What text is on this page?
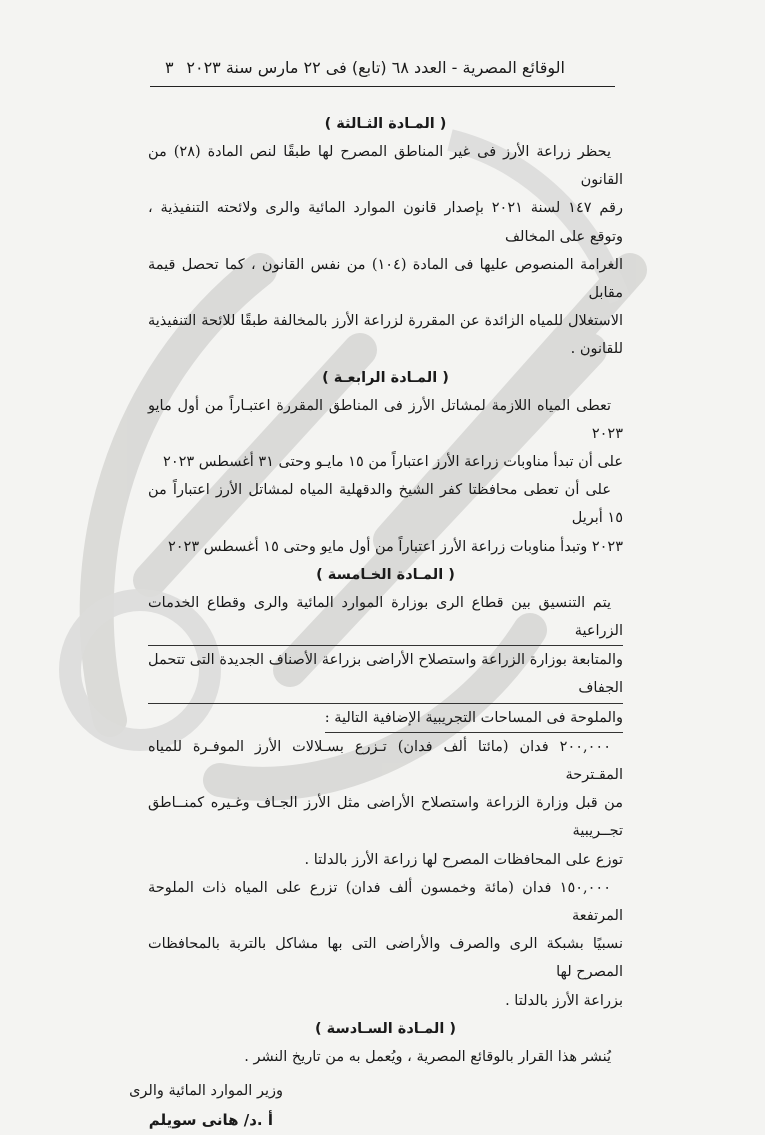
الوقائع المصرية - العدد ٦٨ (تابع) فى ٢٢ مارس سنة ٢٠٢٣
٣
( المـادة الثـالثة )

يحظر زراعة الأرز فى غير المناطق المصرح لها طبقًا لنص المادة (٢٨) من القانون

رقم ١٤٧ لسنة ٢٠٢١ بإصدار قانون الموارد المائية والرى ولائحته التنفيذية ، وتوقع على المخالف

الغرامة المنصوص عليها فى المادة (١٠٤) من نفس القانون ، كما تحصل قيمة مقابل

الاستغلال للمياه الزائدة عن المقررة لزراعة الأرز بالمخالفة طبقًا للائحة التنفيذية للقانون .

( المـادة الرابعـة )

تعطى المياه اللازمة لمشاتل الأرز فى المناطق المقررة اعتبـاراً من أول مايو ٢٠٢٣

على أن تبدأ مناوبات زراعة الأرز اعتباراً من ١٥ مايـو وحتى ٣١ أغسطس ٢٠٢٣

على أن تعطى محافظتا كفر الشيخ والدقهلية المياه لمشاتل الأرز اعتباراً من ١٥ أبريل

٢٠٢٣ وتبدأ مناوبات زراعة الأرز اعتباراً من أول مايو وحتى ١٥ أغسطس ٢٠٢٣

( المـادة الخـامسة )

يتم التنسيق بين قطاع الرى بوزارة الموارد المائية والرى وقطاع الخدمات الزراعية

والمتابعة بوزارة الزراعة واستصلاح الأراضى بزراعة الأصناف الجديدة التى تتحمل الجفاف

والملوحة فى المساحات التجريبية الإضافية التالية :

٢٠٠,٠٠٠ فدان (مائتا ألف فدان) تـزرع بسـلالات الأرز الموفـرة للمياه المقـترحة

من قبل وزارة الزراعة واستصلاح الأراضى مثل الأرز الجـاف وغـيره كمنــاطق تجــريبية

توزع على المحافظات المصرح لها زراعة الأرز بالدلتا .

١٥٠,٠٠٠ فدان (مائة وخمسون ألف فدان) تزرع على المياه ذات الملوحة المرتفعة

نسبيًا بشبكة الرى والصرف والأراضى التى بها مشاكل بالتربة بالمحافظات المصرح لها

بزراعة الأرز بالدلتا .

( المـادة السـادسة )

يُنشر هذا القرار بالوقائع المصرية ، ويُعمل به من تاريخ النشر .

وزير الموارد المائية والرى
أ .د/ هانى سويلم
